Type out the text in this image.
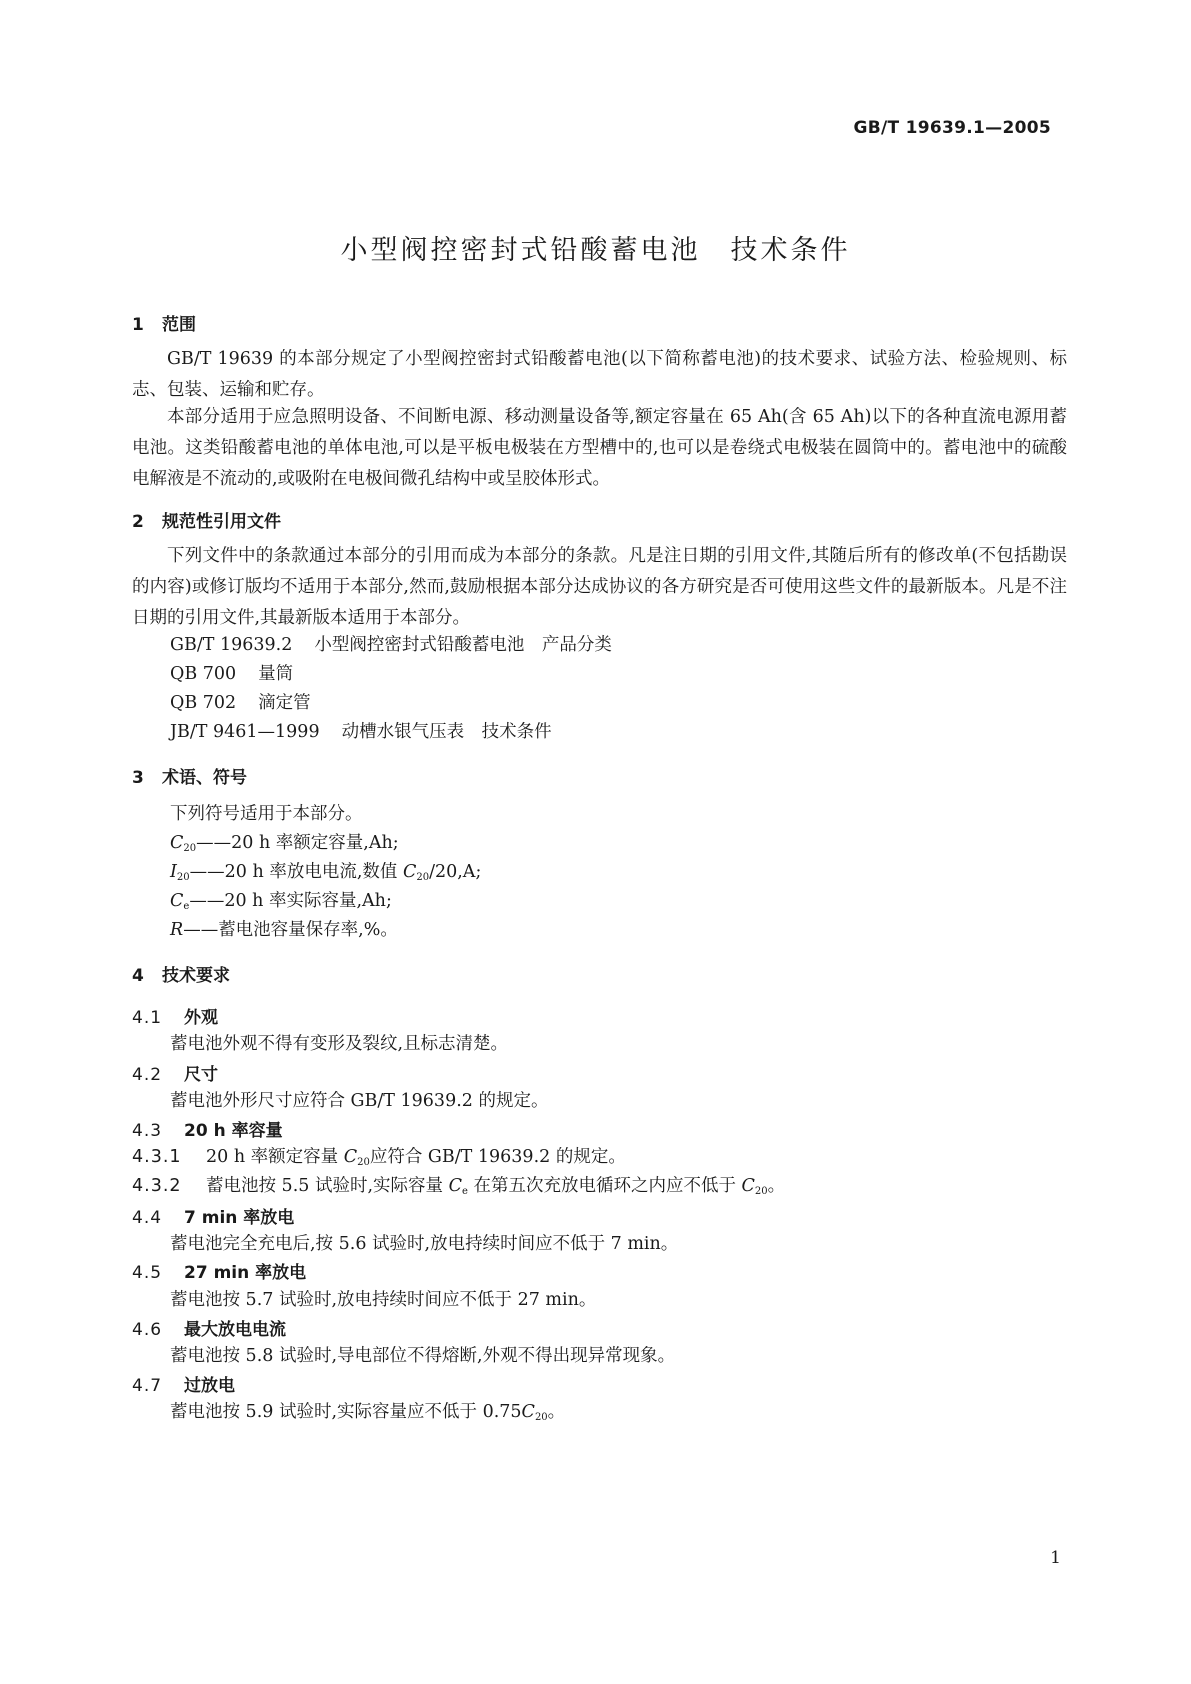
GB/T 19639.1—2005
小型阀控密封式铅酸蓄电池　技术条件
1 范围
GB/T 19639 的本部分规定了小型阀控密封式铅酸蓄电池(以下简称蓄电池)的技术要求、试验方法、检验规则、标志、包装、运输和贮存。
本部分适用于应急照明设备、不间断电源、移动测量设备等,额定容量在 65 Ah(含 65 Ah)以下的各种直流电源用蓄电池。这类铅酸蓄电池的单体电池,可以是平板电极装在方型槽中的,也可以是卷绕式电极装在圆筒中的。蓄电池中的硫酸电解液是不流动的,或吸附在电极间微孔结构中或呈胶体形式。
2 规范性引用文件
下列文件中的条款通过本部分的引用而成为本部分的条款。凡是注日期的引用文件,其随后所有的修改单(不包括勘误的内容)或修订版均不适用于本部分,然而,鼓励根据本部分达成协议的各方研究是否可使用这些文件的最新版本。凡是不注日期的引用文件,其最新版本适用于本部分。
GB/T 19639.2 小型阀控密封式铅酸蓄电池　产品分类
QB 700 量筒
QB 702 滴定管
JB/T 9461—1999 动槽水银气压表　技术条件
3 术语、符号
下列符号适用于本部分。
$C_{20}——20$ h 率额定容量,Ah;
$I_{20}——20$ h 率放电电流,数值 $C_{20}/20,A$;
$C_e——20$ h 率实际容量,Ah;
R——蓄电池容量保存率,%。
4 技术要求
4.1 外观
蓄电池外观不得有变形及裂纹,且标志清楚。
4.2 尺寸
蓄电池外形尺寸应符合 GB/T 19639.2 的规定。
4.3 20 h 率容量
4.3.1 20 h 率额定容量 $C_{20}$应符合 GB/T 19639.2 的规定。
4.3.2 蓄电池按 5.5 试验时,实际容量 $C_e$ 在第五次充放电循环之内应不低于 $C_{20}$。
4.4 7 min 率放电
蓄电池完全充电后,按 5.6 试验时,放电持续时间应不低于 7 min。
4.5 27 min 率放电
蓄电池按 5.7 试验时,放电持续时间应不低于 27 min。
4.6 最大放电电流
蓄电池按 5.8 试验时,导电部位不得熔断,外观不得出现异常现象。
4.7 过放电
蓄电池按 5.9 试验时,实际容量应不低于 $0.75C_{20}$。
1
